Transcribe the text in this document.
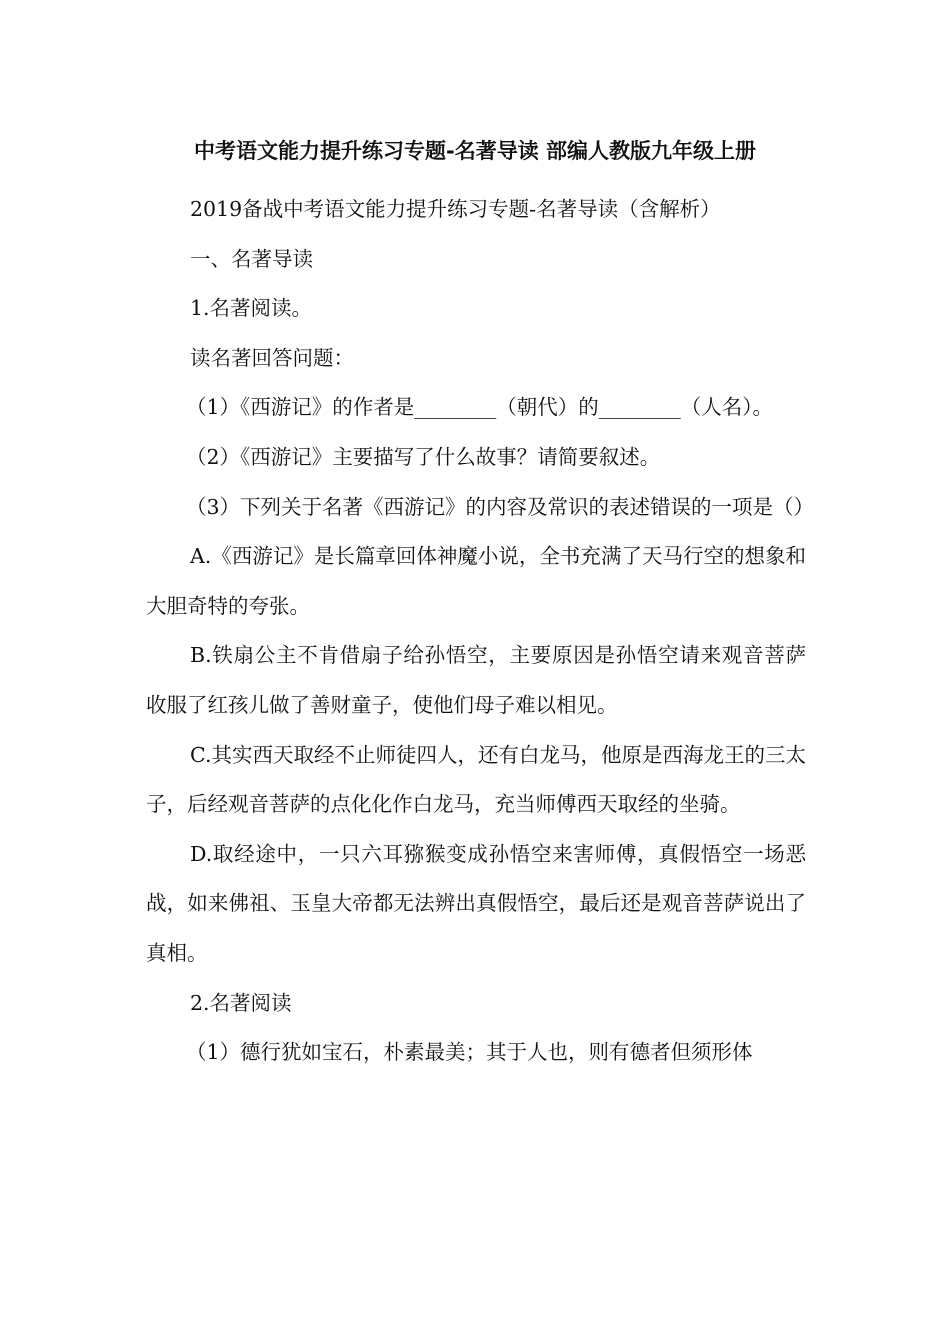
中考语文能力提升练习专题-名著导读 部编人教版九年级上册

2019备战中考语文能力提升练习专题-名著导读（含解析）

一、名著导读

1.名著阅读。

读名著回答问题：

（1）《西游记》的作者是________（朝代）的________（人名）。

（2）《西游记》主要描写了什么故事？请简要叙述。

（3）下列关于名著《西游记》的内容及常识的表述错误的一项是（）

A.《西游记》是长篇章回体神魔小说，全书充满了天马行空的想象和大胆奇特的夸张。

B.铁扇公主不肯借扇子给孙悟空，主要原因是孙悟空请来观音菩萨收服了红孩儿做了善财童子，使他们母子难以相见。

C.其实西天取经不止师徒四人，还有白龙马，他原是西海龙王的三太子，后经观音菩萨的点化化作白龙马，充当师傅西天取经的坐骑。

D.取经途中，一只六耳猕猴变成孙悟空来害师傅，真假悟空一场恶战，如来佛祖、玉皇大帝都无法辨出真假悟空，最后还是观音菩萨说出了真相。

2.名著阅读

（1）德行犹如宝石，朴素最美；其于人也，则有德者但须形体
